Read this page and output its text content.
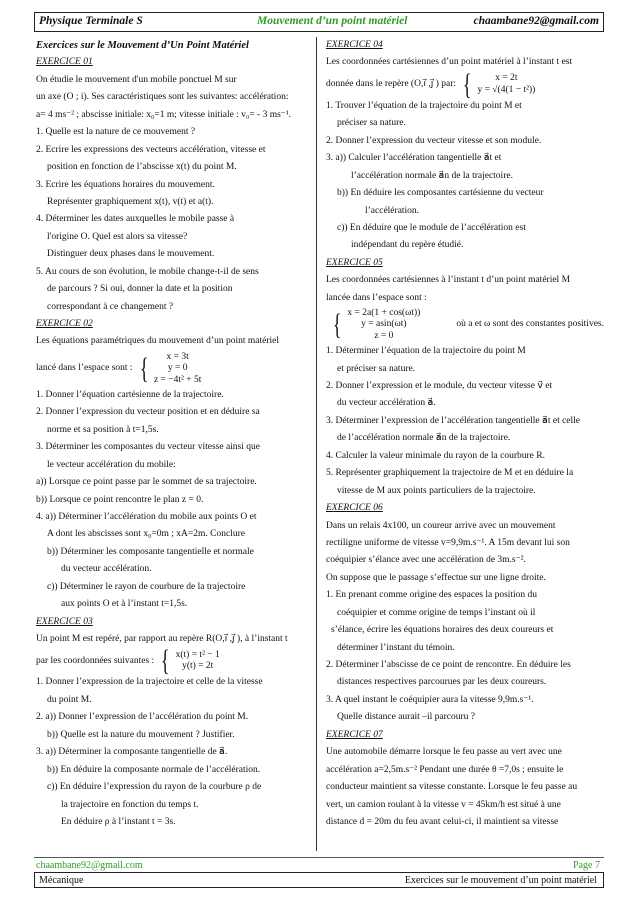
Physique Terminale S	Mouvement d’un point matériel	chaambane92@gmail.com
Exercices sur le Mouvement d’Un Point Matériel
EXERCICE 01
On étudie le mouvement d'un mobile ponctuel M sur
un axe (O ; i). Ses caractéristiques sont les suivantes: accélération:
a= 4 ms⁻² ; abscisse initiale: x₀=1 m; vitesse initiale : v₀= - 3 ms⁻¹.
1. Quelle est la nature de ce mouvement ?
2. Ecrire les expressions des vecteurs accélération, vitesse et
position en fonction de l’abscisse x(t) du point M.
3. Ecrire les équations horaires du mouvement.
Représenter graphiquement x(t), v(t) et a(t).
4. Déterminer les dates auxquelles le mobile passe à
l'origine O. Quel est alors sa vitesse?
Distinguer deux phases dans le mouvement.
5. Au cours de son évolution, le mobile change-t-il de sens
de parcours ? Si oui, donner la date et la position
correspondant à ce changement ?
EXERCICE 02
Les équations paramétriques du mouvement d’un point matériel
lancé dans l’espace sont : {	x = 3t
y = 0
z = −4t² + 5t
1. Donner l’équation cartésienne de la trajectoire.
2. Donner l’expression du vecteur position et en déduire sa
norme et sa position à t=1,5s.
3. Déterminer les composantes du vecteur vitesse ainsi que
le vecteur accélération du mobile:
a)) Lorsque ce point passe par le sommet de sa trajectoire.
b)) Lorsque ce point rencontre le plan z = 0.
4. a)) Déterminer l’accélération du mobile aux points O et
A dont les abscisses sont x₀=0m ; xA=2m. Conclure
b)) Déterminer les composante tangentielle et normale
du vecteur accélération.
c)) Déterminer le rayon de courbure de la trajectoire
aux points O et à l’instant t=1,5s.
EXERCICE 03
Un point M est repéré, par rapport au repère R(O,ı⃗ ,ȷ⃗ ), à l’instant t
par les coordonnées suivantes : { x(t) = t² − 1
y(t) = 2t
1. Donner l’expression de la trajectoire et celle de la vitesse
du point M.
2. a)) Donner l’expression de l’accélération du point M.
b)) Quelle est la nature du mouvement ? Justifier.
3. a)) Déterminer la composante tangentielle de a⃗.
b)) En déduire la composante normale de l’accélération.
c)) En déduire l’expression du rayon de la courbure ρ de
la trajectoire en fonction du temps t.
En déduire ρ à l’instant t = 3s.
EXERCICE 04
Les coordonnées cartésiennes d’un point matériel à l’instant t est
donnée dans le repère (O,ı⃗ ,ȷ⃗ ) par: {	x = 2t
y = √(4(1 − t²))
1. Trouver l’équation de la trajectoire du point M et
préciser sa nature.
2. Donner l’expression du vecteur vitesse et son module.
3. a)) Calculer l’accélération tangentielle a⃗t et
l’accélération normale a⃗n de la trajectoire.
b)) En déduire les composantes cartésienne du vecteur
l’accélération.
c)) En déduire que le module de l’accélération est
indépendant du repère étudié.
EXERCICE 05
Les coordonnées cartésiennes à l’instant t d’un point matériel M
lancée dans l’espace sont :
{ x = 2a(1 + cos(ωt))
y = asin(ωt)
z = 0
où a et ω sont des constantes positives.
1. Déterminer l’équation de la trajectoire du point M
et préciser sa nature.
2. Donner l’expression et le module, du vecteur vitesse v⃗ et
du vecteur accélération a⃗.
3. Déterminer l’expression de l’accélération tangentielle a⃗t et celle
de l’accélération normale a⃗n de la trajectoire.
4. Calculer la valeur minimale du rayon de la courbure R.
5. Représenter graphiquement la trajectoire de M et en déduire la
vitesse de M aux points particuliers de la trajectoire.
EXERCICE 06
Dans un relais 4x100, un coureur arrive avec un mouvement
rectiligne uniforme de vitesse v=9,9m.s⁻¹. A 15m devant lui son
coéquipier s’élance avec une accélération de 3m.s⁻².
On suppose que le passage s’effectue sur une ligne droite.
1. En prenant comme origine des espaces la position du
coéquipier et comme origine de temps l’instant où il
s’élance, écrire les équations horaires des deux coureurs et
déterminer l’instant du témoin.
2. Déterminer l’abscisse de ce point de rencontre. En déduire les
distances respectives parcourues par les deux coureurs.
3. A quel instant le coéquipier aura la vitesse 9,9m.s⁻¹.
Quelle distance aurait –il parcouru ?
EXERCICE 07
Une automobile démarre lorsque le feu passe au vert avec une
accélération a=2,5m.s⁻² Pendant une durée θ =7,0s ; ensuite le
conducteur maintient sa vitesse constante. Lorsque le feu passe au
vert, un camion roulant à la vitesse v = 45km/h est situé à une
distance d = 20m du feu avant celui-ci, il maintient sa vitesse
chaambane92@gmail.com	Page 7
Mécanique	Exercices sur le mouvement d’un point matériel
